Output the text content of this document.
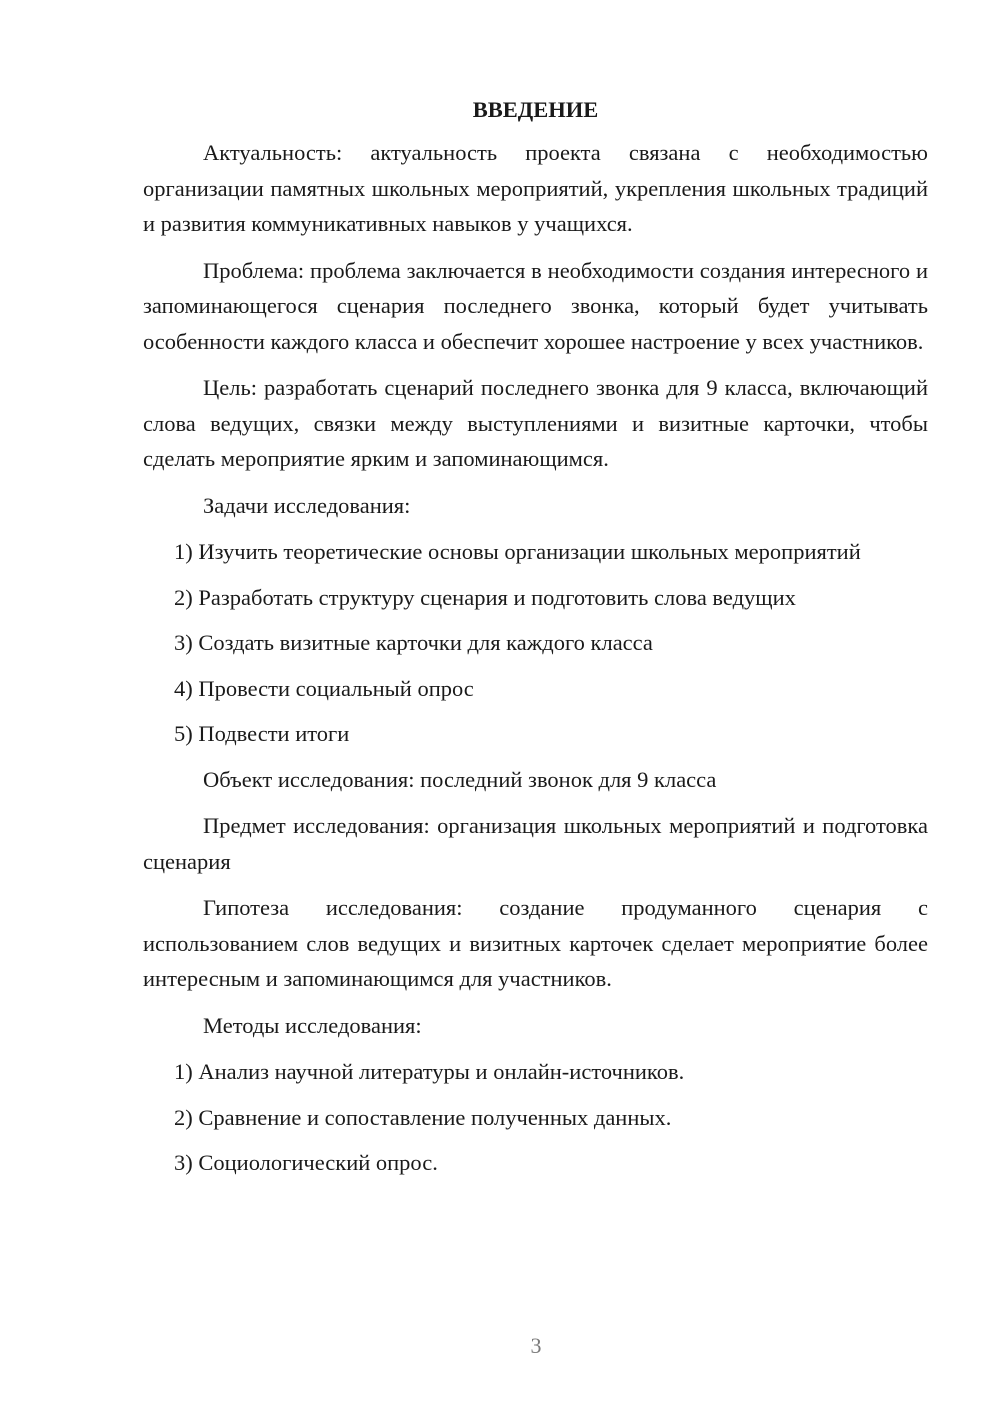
ВВЕДЕНИЕ

Актуальность: актуальность проекта связана с необходимостью организации памятных школьных мероприятий, укрепления школьных традиций и развития коммуникативных навыков у учащихся.

Проблема: проблема заключается в необходимости создания интересного и запоминающегося сценария последнего звонка, который будет учитывать особенности каждого класса и обеспечит хорошее настроение у всех участников.

Цель: разработать сценарий последнего звонка для 9 класса, включающий слова ведущих, связки между выступлениями и визитные карточки, чтобы сделать мероприятие ярким и запоминающимся.

Задачи исследования:

1) Изучить теоретические основы организации школьных мероприятий

2) Разработать структуру сценария и подготовить слова ведущих

3) Создать визитные карточки для каждого класса

4) Провести социальный опрос

5) Подвести итоги

Объект исследования: последний звонок для 9 класса

Предмет исследования: организация школьных мероприятий и подготовка сценария

Гипотеза исследования: создание продуманного сценария с использованием слов ведущих и визитных карточек сделает мероприятие более интересным и запоминающимся для участников.

Методы исследования:

1) Анализ научной литературы и онлайн-источников.

2) Сравнение и сопоставление полученных данных.

3) Социологический опрос.

3
